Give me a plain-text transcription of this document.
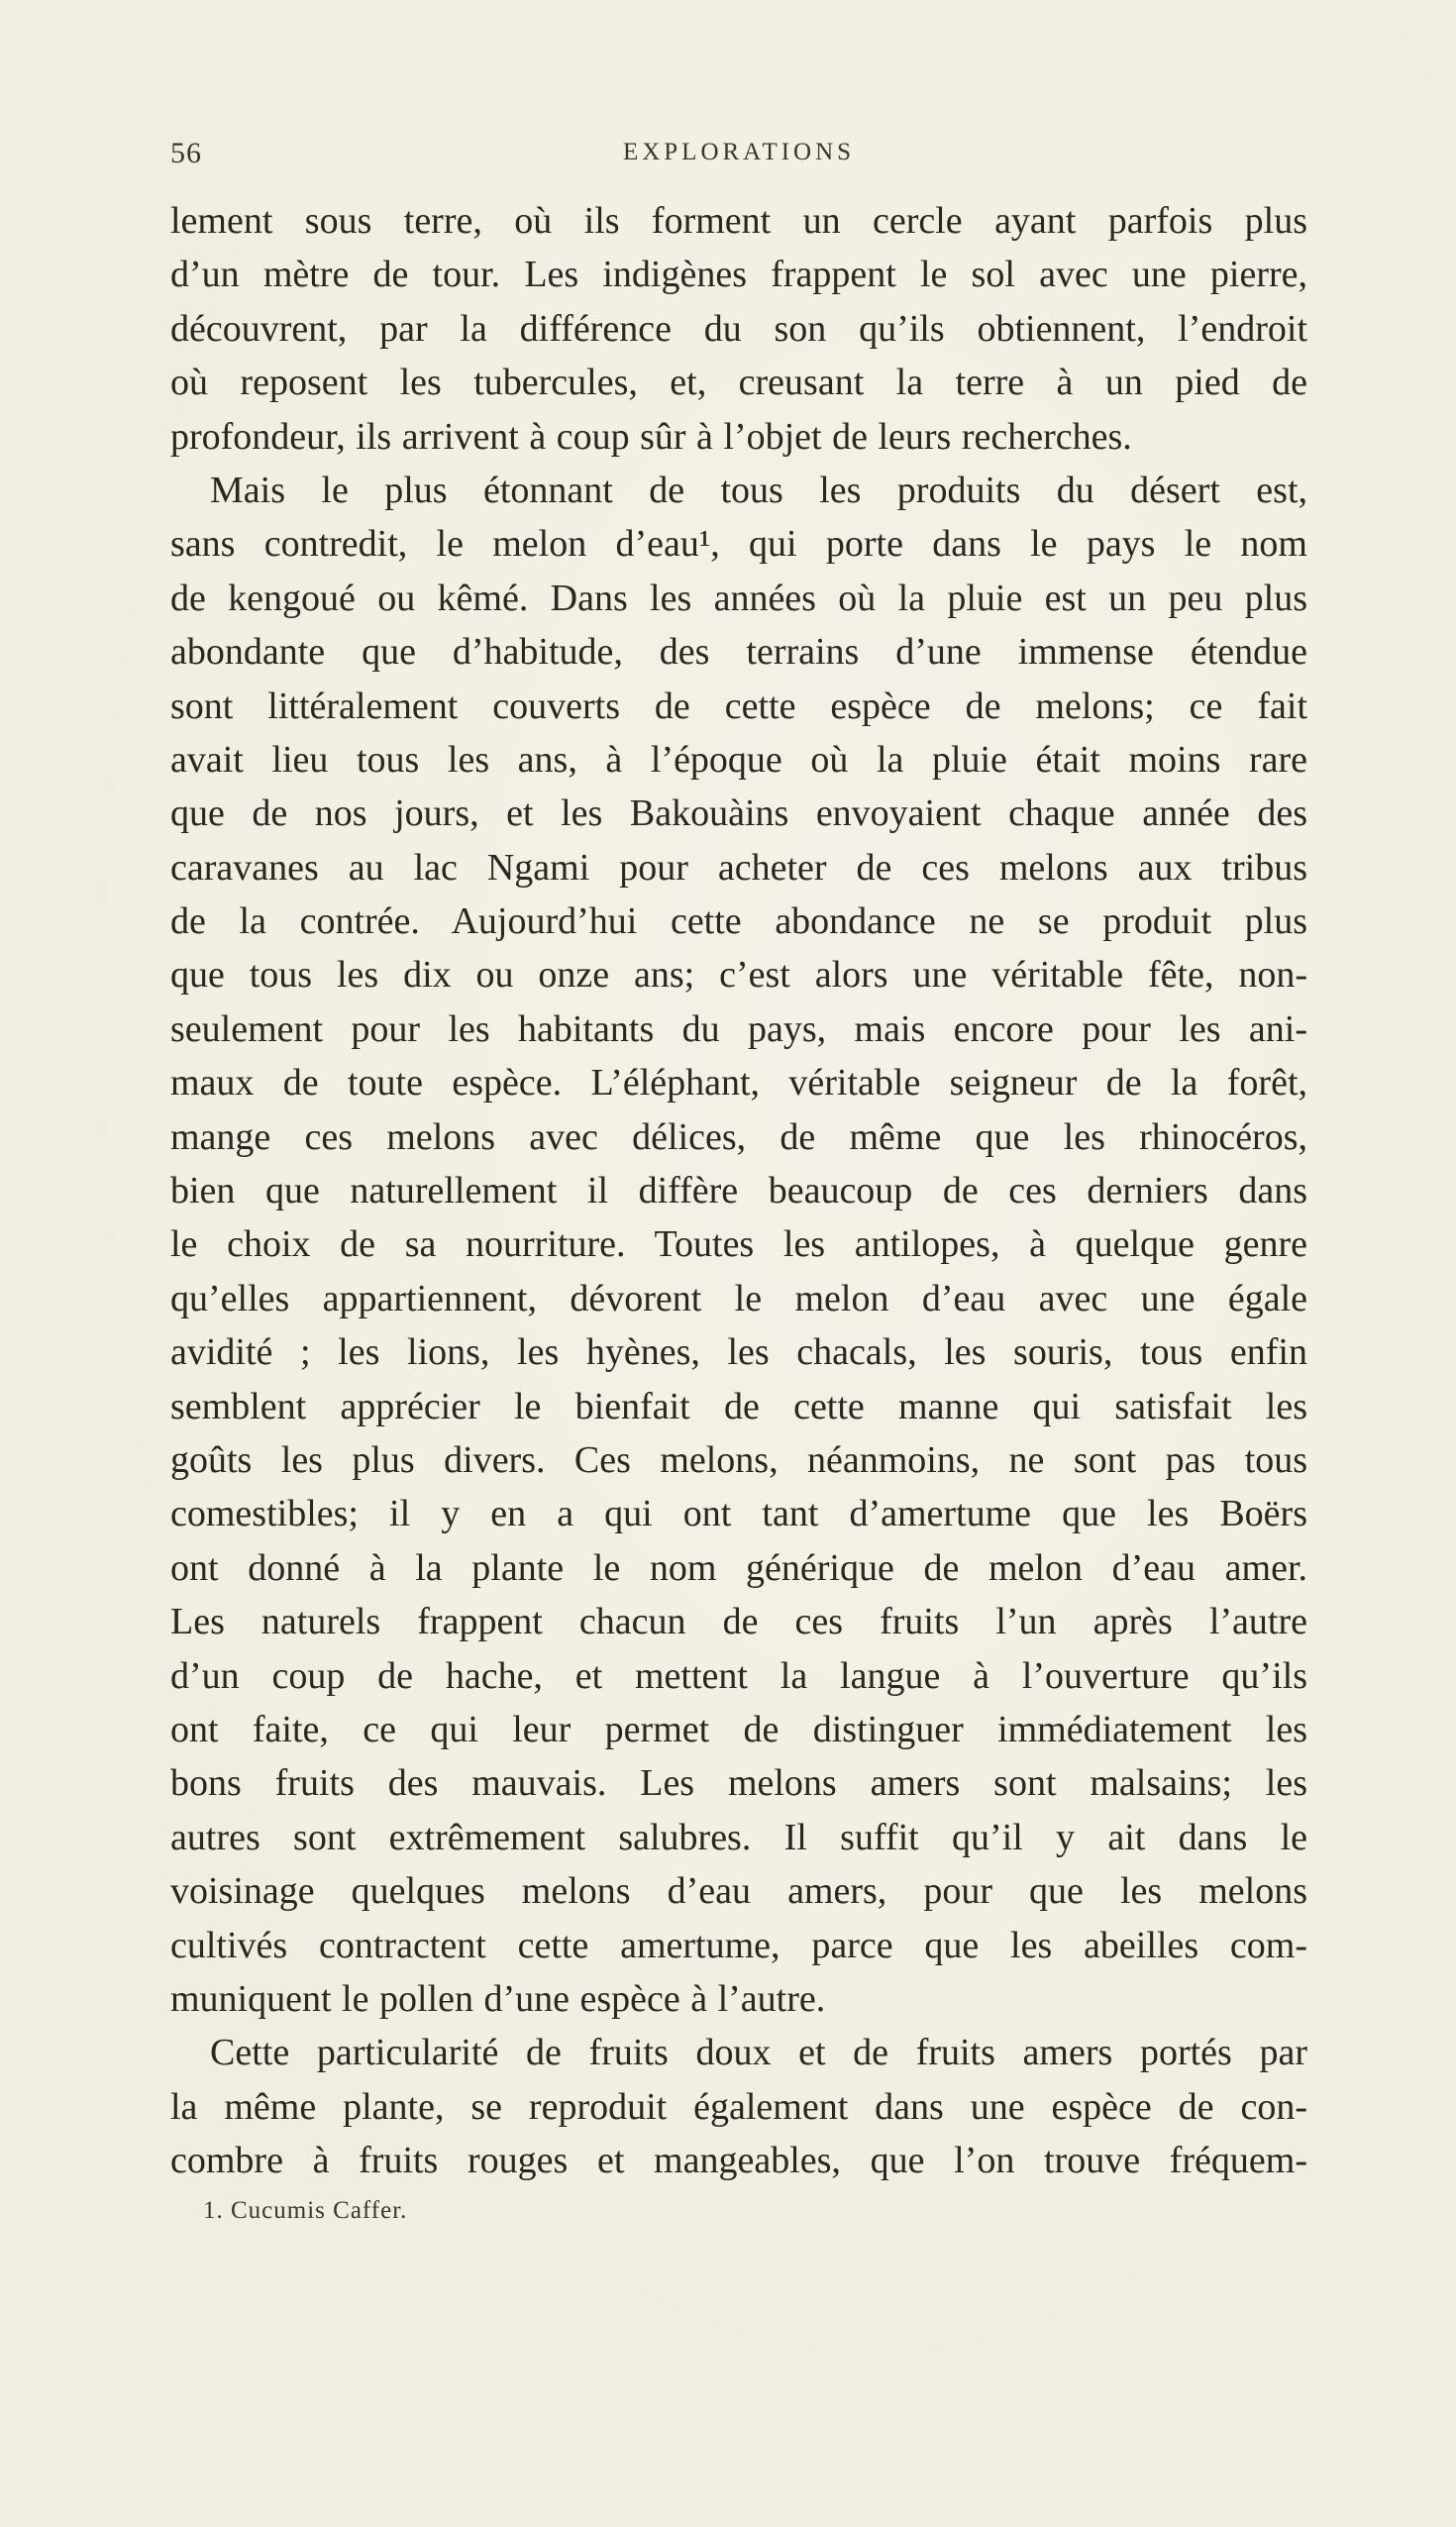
56	EXPLORATIONS
lement sous terre, où ils forment un cercle ayant parfois plus
d’un mètre de tour. Les indigènes frappent le sol avec une pierre,
découvrent, par la différence du son qu’ils obtiennent, l’endroit
où reposent les tubercules, et, creusant la terre à un pied de
profondeur, ils arrivent à coup sûr à l’objet de leurs recherches.
Mais le plus étonnant de tous les produits du désert est,
sans contredit, le melon d’eau¹, qui porte dans le pays le nom
de kengoué ou kêmé. Dans les années où la pluie est un peu plus
abondante que d’habitude, des terrains d’une immense étendue
sont littéralement couverts de cette espèce de melons; ce fait
avait lieu tous les ans, à l’époque où la pluie était moins rare
que de nos jours, et les Bakouàins envoyaient chaque année des
caravanes au lac Ngami pour acheter de ces melons aux tribus
de la contrée. Aujourd’hui cette abondance ne se produit plus
que tous les dix ou onze ans; c’est alors une véritable fête, non-
seulement pour les habitants du pays, mais encore pour les ani-
maux de toute espèce. L’éléphant, véritable seigneur de la forêt,
mange ces melons avec délices, de même que les rhinocéros,
bien que naturellement il diffère beaucoup de ces derniers dans
le choix de sa nourriture. Toutes les antilopes, à quelque genre
qu’elles appartiennent, dévorent le melon d’eau avec une égale
avidité ; les lions, les hyènes, les chacals, les souris, tous enfin
semblent apprécier le bienfait de cette manne qui satisfait les
goûts les plus divers. Ces melons, néanmoins, ne sont pas tous
comestibles; il y en a qui ont tant d’amertume que les Boërs
ont donné à la plante le nom générique de melon d’eau amer.
Les naturels frappent chacun de ces fruits l’un après l’autre
d’un coup de hache, et mettent la langue à l’ouverture qu’ils
ont faite, ce qui leur permet de distinguer immédiatement les
bons fruits des mauvais. Les melons amers sont malsains; les
autres sont extrêmement salubres. Il suffit qu’il y ait dans le
voisinage quelques melons d’eau amers, pour que les melons
cultivés contractent cette amertume, parce que les abeilles com-
muniquent le pollen d’une espèce à l’autre.
Cette particularité de fruits doux et de fruits amers portés par
la même plante, se reproduit également dans une espèce de con-
combre à fruits rouges et mangeables, que l’on trouve fréquem-
1. Cucumis Caffer.
